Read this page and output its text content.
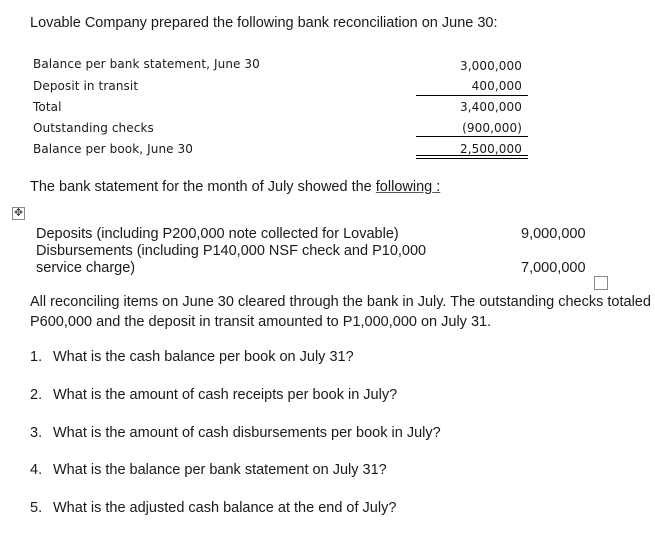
Lovable Company prepared the following bank reconciliation on June 30:
Balance per bank statement, June 30	3,000,000
Deposit in transit	400,000
Total	3,400,000
Outstanding checks	(900,000)
Balance per book, June 30	2,500,000
The bank statement for the month of July showed the following :
✥
Deposits (including P200,000 note collected for Lovable)	9,000,000
Disbursements (including P140,000 NSF check and P10,000
service charge)	7,000,000
All reconciling items on June 30 cleared through the bank in July. The outstanding checks totaled
P600,000 and the deposit in transit amounted to P1,000,000 on July 31.
1. What is the cash balance per book on July 31?
2. What is the amount of cash receipts per book in July?
3. What is the amount of cash disbursements per book in July?
4. What is the balance per bank statement on July 31?
5. What is the adjusted cash balance at the end of July?
